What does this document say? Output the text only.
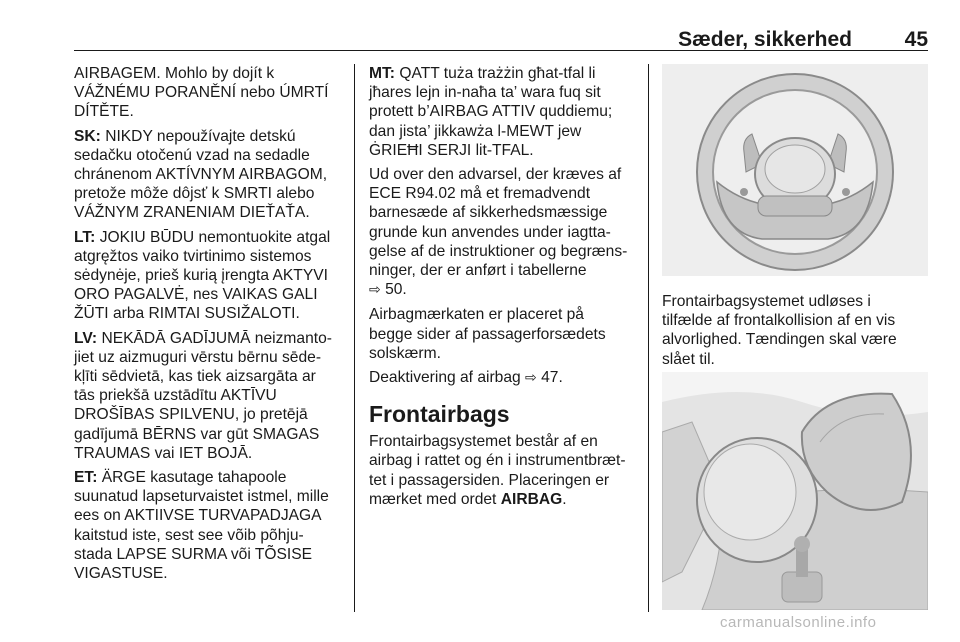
Sæder, sikkerhed	45

AIRBAGEM. Mohlo by dojít k
VÁŽNÉMU PORANĚNÍ nebo ÚMRTÍ
DÍTĚTE.

SK: NIKDY nepoužívajte detskú
sedačku otočenú vzad na sedadle
chránenom AKTÍVNYM AIRBAGOM,
pretože môže dôjsť k SMRTI alebo
VÁŽNYM ZRANENIAM DIEŤAŤA.

LT: JOKIU BŪDU nemontuokite atgal
atgręžtos vaiko tvirtinimo sistemos
sėdynėje, prieš kurią įrengta AKTYVI
ORO PAGALVĖ, nes VAIKAS GALI
ŽŪTI arba RIMTAI SUSIŽALOTI.

LV: NEKĀDĀ GADĪJUMĀ neizmanto-
jiet uz aizmuguri vērstu bērnu sēde-
kļīti sēdvietā, kas tiek aizsargāta ar
tās priekšā uzstādītu AKTĪVU
DROŠĪBAS SPILVENU, jo pretējā
gadījumā BĒRNS var gūt SMAGAS
TRAUMAS vai IET BOJĀ.

ET: ÄRGE kasutage tahapoole
suunatud lapseturvaistet istmel, mille
ees on AKTIIVSE TURVAPADJAGA
kaitstud iste, sest see võib põhju-
stada LAPSE SURMA või TÕSISE
VIGASTUSE.

MT: QATT tuża trażżin għat-tfal li
jħares lejn in-naħa ta’ wara fuq sit
protett b’AIRBAG ATTIV quddiemu;
dan jista’ jikkawża l-MEWT jew
ĠRIEĦI SERJI lit-TFAL.

Ud over den advarsel, der kræves af
ECE R94.02 må et fremadvendt
barnesæde af sikkerhedsmæssige
grunde kun anvendes under iagtta-
gelse af de instruktioner og begræns-
ninger, der er anført i tabellerne
⇨ 50.

Airbagmærkaten er placeret på
begge sider af passagerforsædets
solskærm.

Deaktivering af airbag ⇨ 47.

Frontairbags

Frontairbagsystemet består af en
airbag i rattet og én i instrumentbræt-
tet i passagersiden. Placeringen er
mærket med ordet AIRBAG.

Frontairbagsystemet udløses i
tilfælde af frontalkollision af en vis
alvorlighed. Tændingen skal være
slået til.

carmanualsonline.info
